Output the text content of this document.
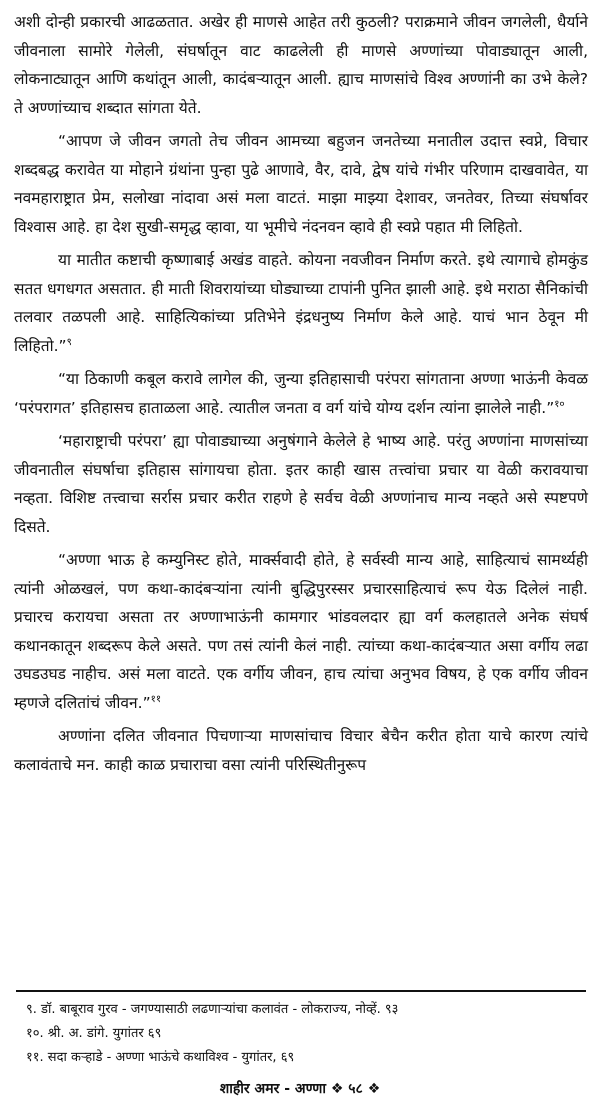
अशी दोन्ही प्रकारची आढळतात. अखेर ही माणसे आहेत तरी कुठली? पराक्रमाने जीवन जगलेली, धैर्याने जीवनाला सामोरे गेलेली, संघर्षातून वाट काढलेली ही माणसे अण्णांच्या पोवाड्यातून आली, लोकनाट्यातून आणि कथांतून आली, कादंबऱ्यातून आली. ह्याच माणसांचे विश्व अण्णांनी का उभे केले? ते अण्णांच्याच शब्दात सांगता येते.

“आपण जे जीवन जगतो तेच जीवन आमच्या बहुजन जनतेच्या मनातील उदात्त स्वप्ने, विचार शब्दबद्ध करावेत या मोहाने ग्रंथांना पुन्हा पुढे आणावे, वैर, दावे, द्वेष यांचे गंभीर परिणाम दाखवावेत, या नवमहाराष्ट्रात प्रेम, सलोखा नांदावा असं मला वाटतं. माझा माझ्या देशावर, जनतेवर, तिच्या संघर्षावर विश्वास आहे. हा देश सुखी-समृद्ध व्हावा, या भूमीचे नंदनवन व्हावे ही स्वप्ने पहात मी लिहितो.

या मातीत कष्टाची कृष्णाबाई अखंड वाहते. कोयना नवजीवन निर्माण करते. इथे त्यागाचे होमकुंड सतत धगधगत असतात. ही माती शिवरायांच्या घोड्याच्या टापांनी पुनित झाली आहे. इथे मराठा सैनिकांची तलवार तळपली आहे. साहित्यिकांच्या प्रतिभेने इंद्रधनुष्य निर्माण केले आहे. याचं भान ठेवून मी लिहितो.”$^९$

“या ठिकाणी कबूल करावे लागेल की, जुन्या इतिहासाची परंपरा सांगताना अण्णा भाऊंनी केवळ ‘परंपरागत’ इतिहासच हाताळला आहे. त्यातील जनता व वर्ग यांचे योग्य दर्शन त्यांना झालेले नाही.”$^{१०}$

‘महाराष्ट्राची परंपरा’ ह्या पोवाड्याच्या अनुषंगाने केलेले हे भाष्य आहे. परंतु अण्णांना माणसांच्या जीवनातील संघर्षाचा इतिहास सांगायचा होता. इतर काही खास तत्त्वांचा प्रचार या वेळी करावयाचा नव्हता. विशिष्ट तत्त्वाचा सर्रास प्रचार करीत राहणे हे सर्वच वेळी अण्णांनाच मान्य नव्हते असे स्पष्टपणे दिसते.

“अण्णा भाऊ हे कम्युनिस्ट होते, मार्क्सवादी होते, हे सर्वस्वी मान्य आहे, साहित्याचं सामर्थ्यही त्यांनी ओळखलं, पण कथा-कादंबऱ्यांना त्यांनी बुद्धिपुरस्सर प्रचारसाहित्याचं रूप येऊ दिलेलं नाही. प्रचारच करायचा असता तर अण्णाभाऊंनी कामगार भांडवलदार ह्या वर्ग कलहातले अनेक संघर्ष कथानकातून शब्दरूप केले असते. पण तसं त्यांनी केलं नाही. त्यांच्या कथा-कादंबऱ्यात असा वर्गीय लढा उघडउघड नाहीच. असं मला वाटते. एक वर्गीय जीवन, हाच त्यांचा अनुभव विषय, हे एक वर्गीय जीवन म्हणजे दलितांचं जीवन.”$^{११}$

अण्णांना दलित जीवनात पिचणाऱ्या माणसांचाच विचार बेचैन करीत होता याचे कारण त्यांचे कलावंताचे मन. काही काळ प्रचाराचा वसा त्यांनी परिस्थितीनुरूप

९. डॉ. बाबूराव गुरव - जगण्यासाठी लढणाऱ्यांचा कलावंत - लोकराज्य, नोव्हें. ९३

१०. श्री. अ. डांगे. युगांतर ६९

११. सदा कऱ्हाडे - अण्णा भाऊंचे कथाविश्व - युगांतर, ६९

शाहीर अमर - अण्णा ❖ ५८ ❖
